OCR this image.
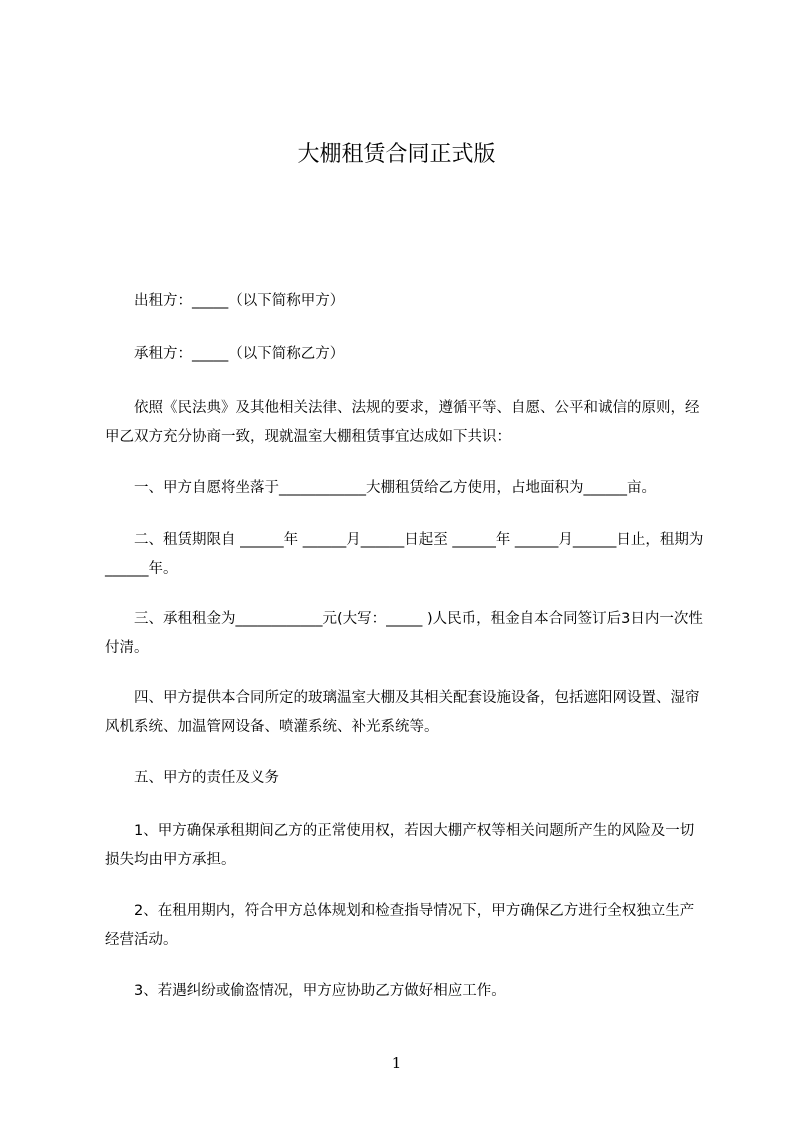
大棚租赁合同正式版
　　出租方：_____（以下简称甲方）
　　承租方：_____（以下简称乙方）
　　依照《民法典》及其他相关法律、法规的要求，遵循平等、自愿、公平和诚信的原则，经甲乙双方充分协商一致，现就温室大棚租赁事宜达成如下共识：
　　一、甲方自愿将坐落于____________大棚租赁给乙方使用，占地面积为______亩。
　　二、租赁期限自 ______年 ______月______日起至 ______年 ______月______日止，租期为______年。
　　三、承租租金为____________元(大写：_____ )人民币，租金自本合同签订后3日内一次性付清。
　　四、甲方提供本合同所定的玻璃温室大棚及其相关配套设施设备，包括遮阳网设置、湿帘风机系统、加温管网设备、喷灌系统、补光系统等。
　　五、甲方的责任及义务
　　1、甲方确保承租期间乙方的正常使用权，若因大棚产权等相关问题所产生的风险及一切损失均由甲方承担。
　　2、在租用期内，符合甲方总体规划和检查指导情况下，甲方确保乙方进行全权独立生产经营活动。
　　3、若遇纠纷或偷盗情况，甲方应协助乙方做好相应工作。
1
